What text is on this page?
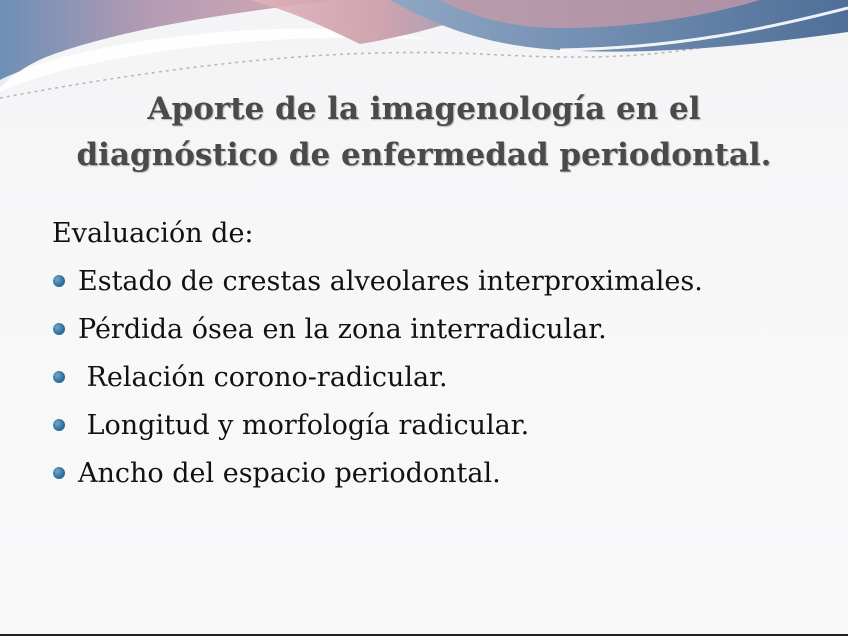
Aporte de la imagenología en el
diagnóstico de enfermedad periodontal.
Evaluación de:
Estado de crestas alveolares interproximales.
Pérdida ósea en la zona interradicular.
Relación corono-radicular.
Longitud y morfología radicular.
Ancho del espacio periodontal.
